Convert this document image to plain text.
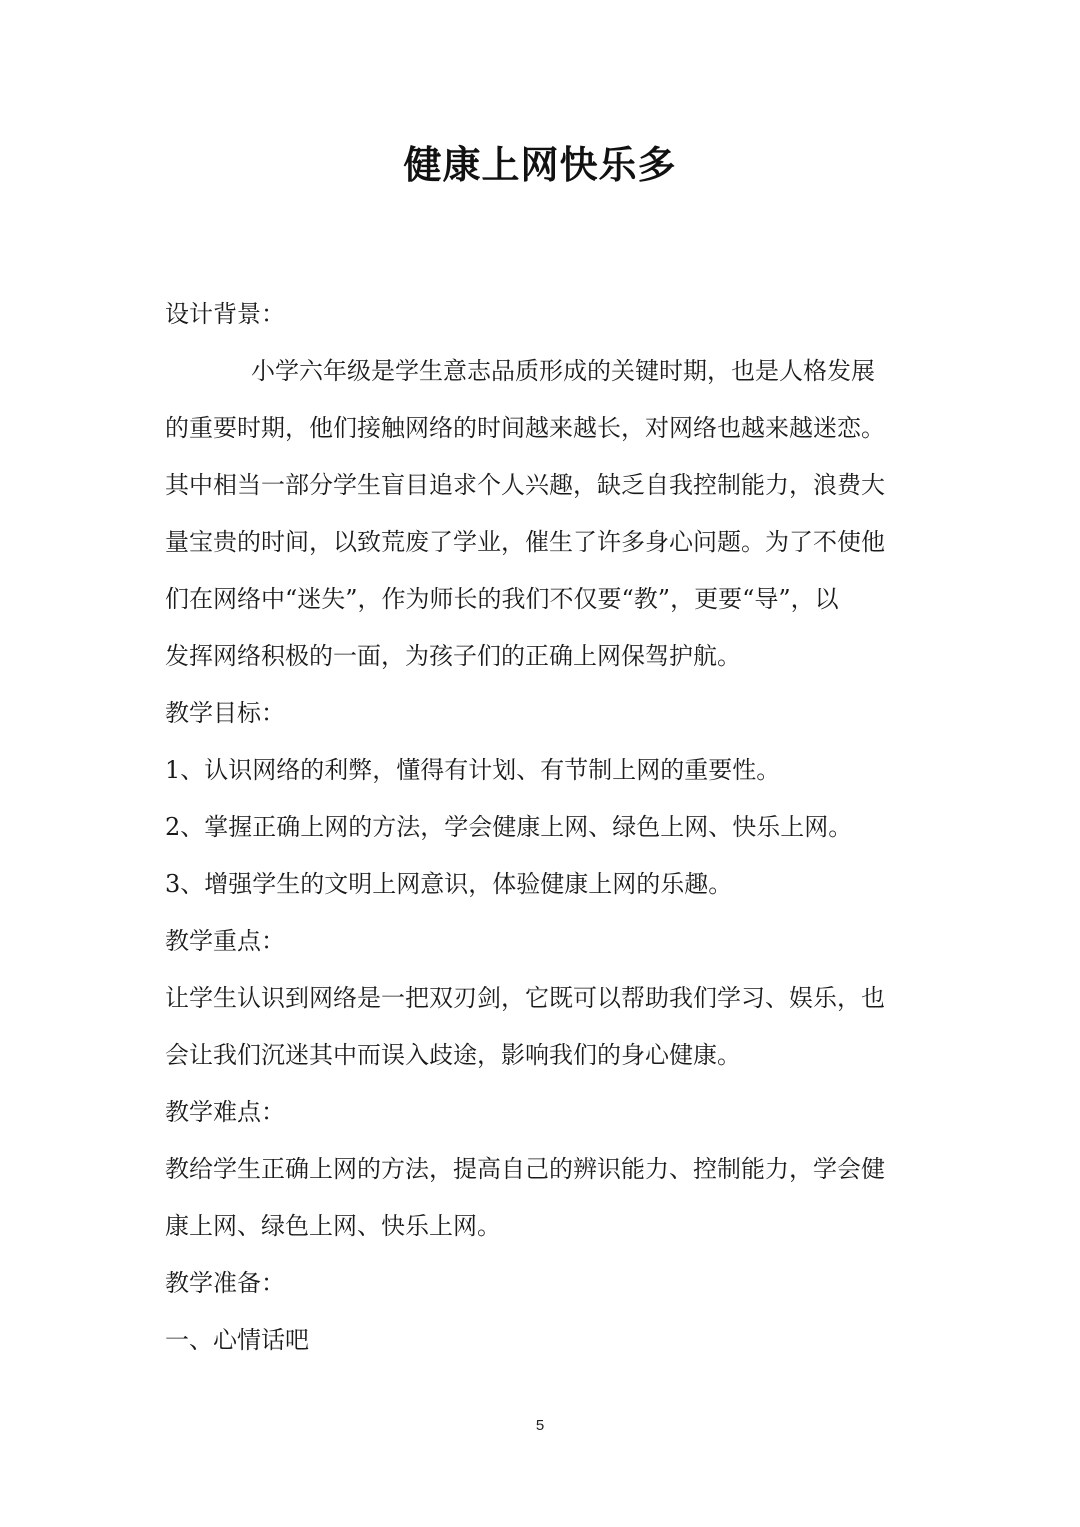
健康上网快乐多
设计背景：
小学六年级是学生意志品质形成的关键时期，也是人格发展
的重要时期，他们接触网络的时间越来越长，对网络也越来越迷恋。
其中相当一部分学生盲目追求个人兴趣，缺乏自我控制能力，浪费大
量宝贵的时间，以致荒废了学业，催生了许多身心问题。为了不使他
们在网络中“迷失”，作为师长的我们不仅要“教”，更要“导”，以
发挥网络积极的一面，为孩子们的正确上网保驾护航。
教学目标：
1、认识网络的利弊，懂得有计划、有节制上网的重要性。
2、掌握正确上网的方法，学会健康上网、绿色上网、快乐上网。
3、增强学生的文明上网意识，体验健康上网的乐趣。
教学重点：
让学生认识到网络是一把双刃剑，它既可以帮助我们学习、娱乐，也
会让我们沉迷其中而误入歧途，影响我们的身心健康。
教学难点：
教给学生正确上网的方法，提高自己的辨识能力、控制能力，学会健
康上网、绿色上网、快乐上网。
教学准备：
一、心情话吧
5
